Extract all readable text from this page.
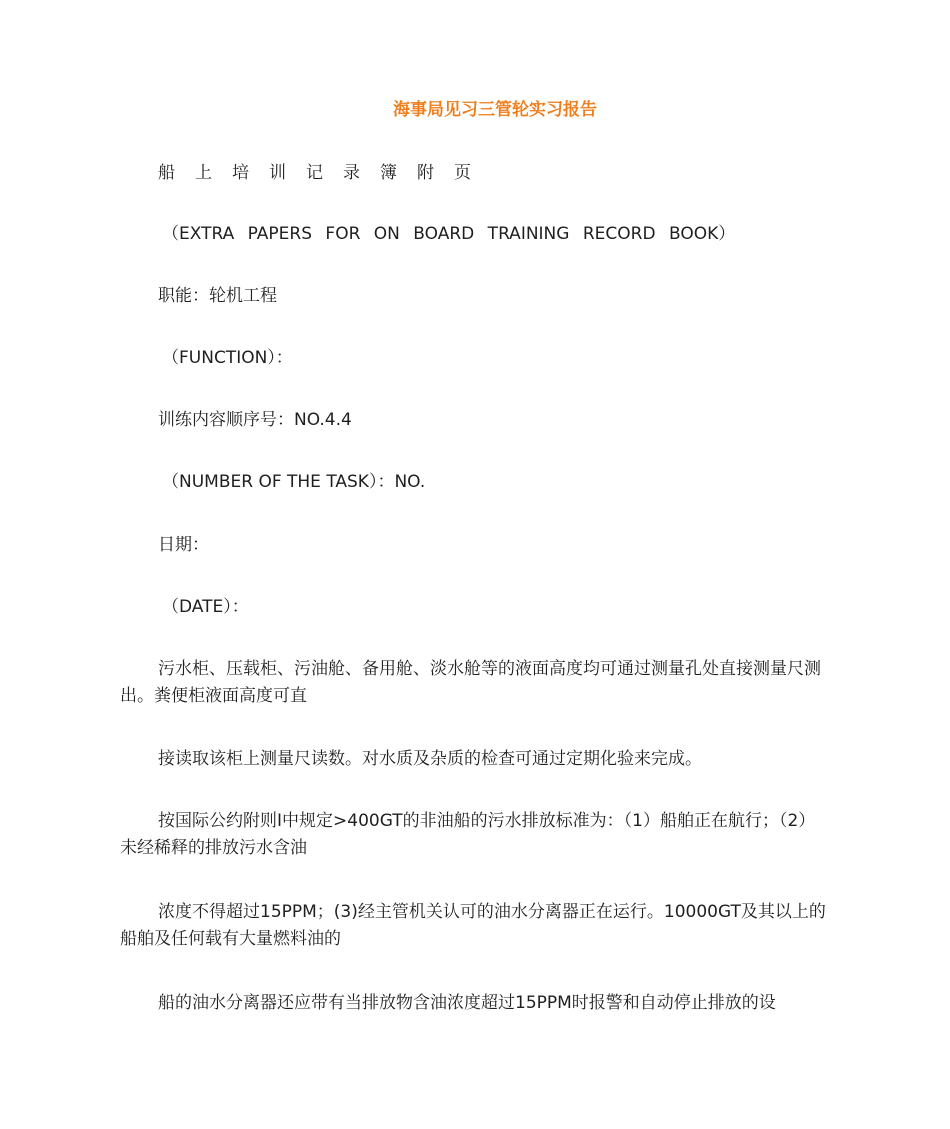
海事局见习三管轮实习报告
船上培训记录簿附页
（EXTRA PAPERS FOR ON BOARD TRAINING RECORD BOOK）
职能：轮机工程
（FUNCTION）：
训练内容顺序号：NO.4.4
（NUMBER OF THE TASK）：NO.
日期：
（DATE）：
污水柜、压载柜、污油舱、备用舱、淡水舱等的液面高度均可通过测量孔处直接测量尺测出。粪便柜液面高度可直
接读取该柜上测量尺读数。对水质及杂质的检查可通过定期化验来完成。
按国际公约附则Ⅰ中规定>400GT的非油船的污水排放标准为：（1）船舶正在航行；（2）未经稀释的排放污水含油
浓度不得超过15PPM；(3)经主管机关认可的油水分离器正在运行。10000GT及其以上的船舶及任何载有大量燃料油的
船的油水分离器还应带有当排放物含油浓度超过15PPM时报警和自动停止排放的设
